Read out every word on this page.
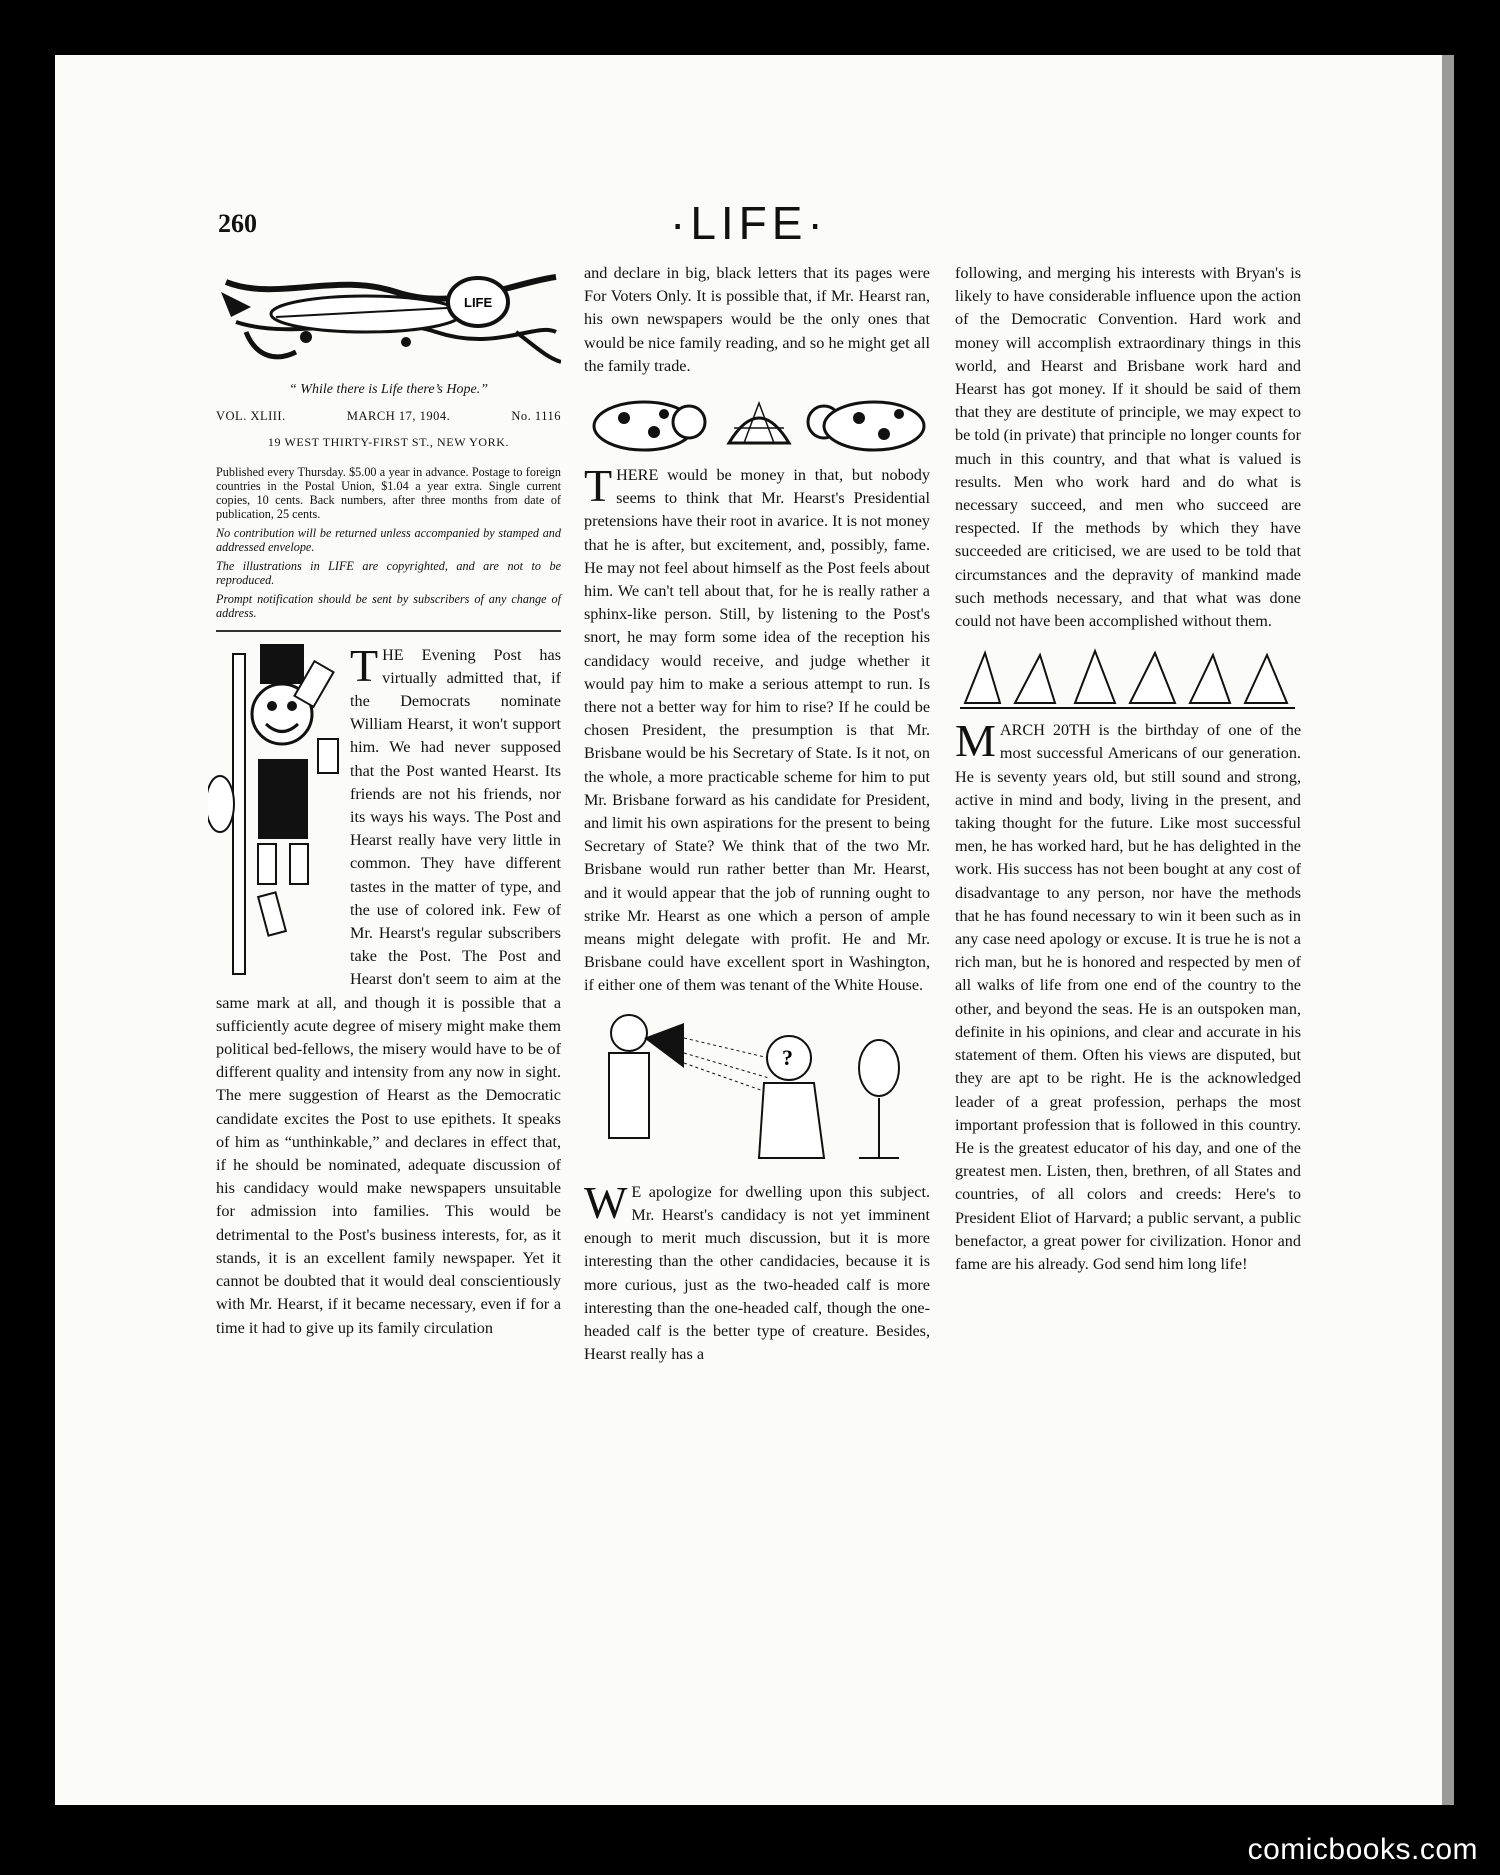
260	·LIFE·
LIFE
“ While there is Life there’s Hope.”
VOL. XLIII.	MARCH 17, 1904.	No. 1116
19 WEST THIRTY-FIRST ST., NEW YORK.

Published every Thursday. $5.00 a year in advance. Postage to foreign countries in the Postal Union, $1.04 a year extra. Single current copies, 10 cents. Back numbers, after three months from date of publication, 25 cents.

No contribution will be returned unless accompanied by stamped and addressed envelope.

The illustrations in LIFE are copyrighted, and are not to be reproduced.

Prompt notification should be sent by subscribers of any change of address.

T HE Evening Post has virtually admitted that, if the Democrats nominate William Hearst, it won't support him. We had never supposed that the Post wanted Hearst. Its friends are not his friends, nor its ways his ways. The Post and Hearst really have very little in common. They have different tastes in the matter of type, and the use of colored ink. Few of Mr. Hearst's regular subscribers take the Post. The Post and Hearst don't seem to aim at the same mark at all, and though it is possible that a sufficiently acute degree of misery might make them political bed-fellows, the misery would have to be of different quality and intensity from any now in sight. The mere suggestion of Hearst as the Democratic candidate excites the Post to use epithets. It speaks of him as “unthinkable,” and declares in effect that, if he should be nominated, adequate discussion of his candidacy would make newspapers unsuitable for admission into families. This would be detrimental to the Post's business interests, for, as it stands, it is an excellent family newspaper. Yet it cannot be doubted that it would deal conscientiously with Mr. Hearst, if it became necessary, even if for a time it had to give up its family circulation

and declare in big, black letters that its pages were For Voters Only. It is possible that, if Mr. Hearst ran, his own newspapers would be the only ones that would be nice family reading, and so he might get all the family trade.

T HERE would be money in that, but nobody seems to think that Mr. Hearst's Presidential pretensions have their root in avarice. It is not money that he is after, but excitement, and, possibly, fame. He may not feel about himself as the Post feels about him. We can't tell about that, for he is really rather a sphinx-like person. Still, by listening to the Post's snort, he may form some idea of the reception his candidacy would receive, and judge whether it would pay him to make a serious attempt to run. Is there not a better way for him to rise? If he could be chosen President, the presumption is that Mr. Brisbane would be his Secretary of State. Is it not, on the whole, a more practicable scheme for him to put Mr. Brisbane forward as his candidate for President, and limit his own aspirations for the present to being Secretary of State? We think that of the two Mr. Brisbane would run rather better than Mr. Hearst, and it would appear that the job of running ought to strike Mr. Hearst as one which a person of ample means might delegate with profit. He and Mr. Brisbane could have excellent sport in Washington, if either one of them was tenant of the White House.

?
W E apologize for dwelling upon this subject. Mr. Hearst's candidacy is not yet imminent enough to merit much discussion, but it is more interesting than the other candidacies, because it is more curious, just as the two-headed calf is more interesting than the one-headed calf, though the one-headed calf is the better type of creature. Besides, Hearst really has a

following, and merging his interests with Bryan's is likely to have considerable influence upon the action of the Democratic Convention. Hard work and money will accomplish extraordinary things in this world, and Hearst and Brisbane work hard and Hearst has got money. If it should be said of them that they are destitute of principle, we may expect to be told (in private) that principle no longer counts for much in this country, and that what is valued is results. Men who work hard and do what is necessary succeed, and men who succeed are respected. If the methods by which they have succeeded are criticised, we are used to be told that circumstances and the depravity of mankind made such methods necessary, and that what was done could not have been accomplished without them.

M ARCH 20TH is the birthday of one of the most successful Americans of our generation. He is seventy years old, but still sound and strong, active in mind and body, living in the present, and taking thought for the future. Like most successful men, he has worked hard, but he has delighted in the work. His success has not been bought at any cost of disadvantage to any person, nor have the methods that he has found necessary to win it been such as in any case need apology or excuse. It is true he is not a rich man, but he is honored and respected by men of all walks of life from one end of the country to the other, and beyond the seas. He is an outspoken man, definite in his opinions, and clear and accurate in his statement of them. Often his views are disputed, but they are apt to be right. He is the acknowledged leader of a great profession, perhaps the most important profession that is followed in this country. He is the greatest educator of his day, and one of the greatest men. Listen, then, brethren, of all States and countries, of all colors and creeds: Here's to President Eliot of Harvard; a public servant, a public benefactor, a great power for civilization. Honor and fame are his already. God send him long life!

comicbooks.com
